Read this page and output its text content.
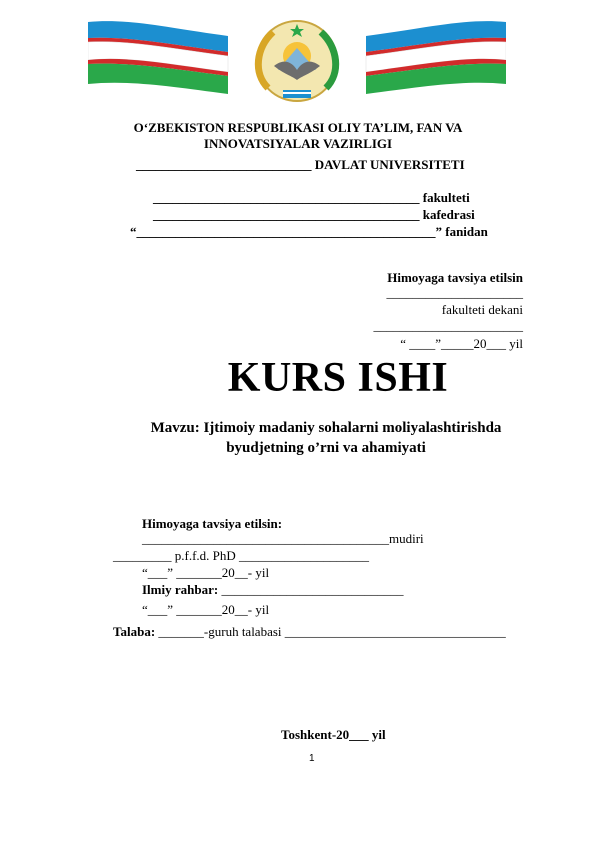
O‘ZBEKISTON RESPUBLIKASI OLIY TA’LIM, FAN VA
INNOVATSIYALAR VAZIRLIGI
___________________________ DAVLAT UNIVERSITETI
_________________________________________ fakulteti
_________________________________________ kafedrasi
“______________________________________________” fanidan
Himoyaga tavsiya etilsin
_____________________
fakulteti dekani
_______________________
“ ____”_____20___ yil
KURS ISHI
Mavzu: Ijtimoiy madaniy sohalarni moliyalashtirishda
byudjetning o’rni va ahamiyati
Himoyaga tavsiya etilsin:
______________________________________mudiri
_________ p.f.f.d. PhD ____________________
“___” _______20__- yil
Ilmiy rahbar: ____________________________
“___” _______20__- yil
Talaba: _______-guruh talabasi __________________________________
Toshkent-20___ yil
1
